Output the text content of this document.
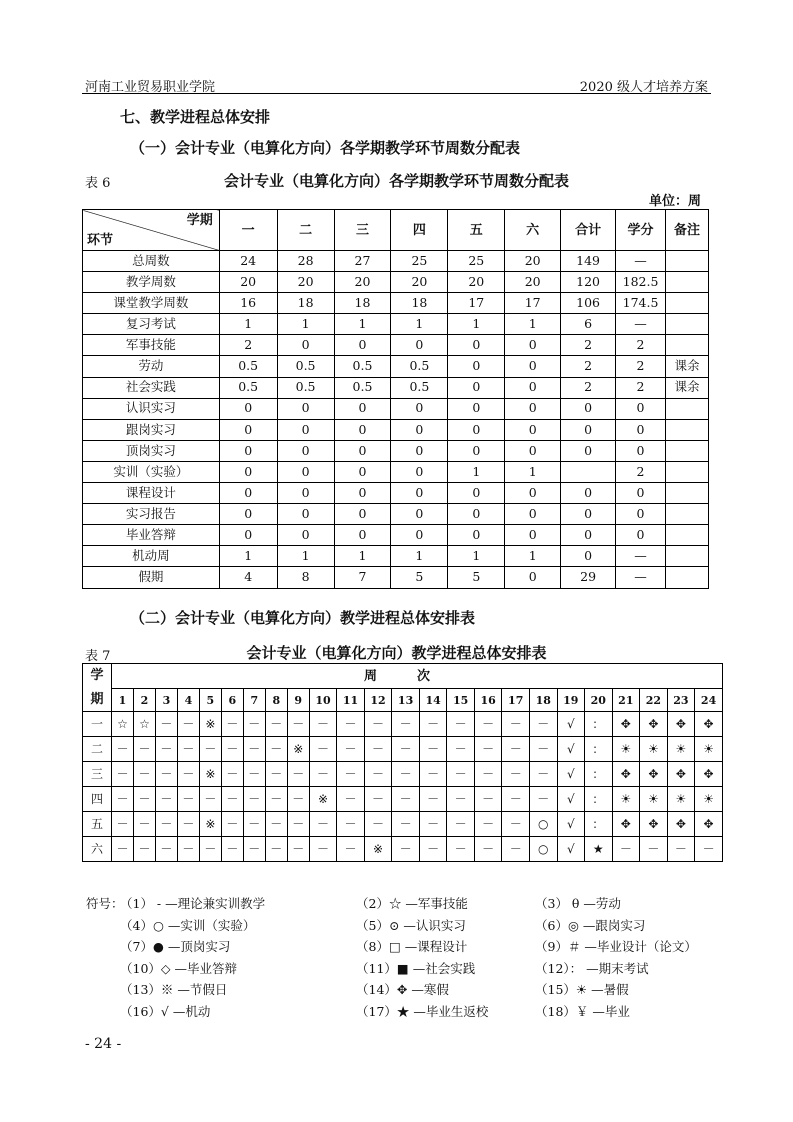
河南工业贸易职业学院	2020 级人才培养方案
七、教学进程总体安排
（一）会计专业（电算化方向）各学期教学环节周数分配表
表 6	会计专业（电算化方向）各学期教学环节周数分配表
单位：周
学期
环节	一	二	三	四	五	六	合计	学分	备注
总周数	24	28	27	25	25	20	149	—	
教学周数	20	20	20	20	20	20	120	182.5	
课堂教学周数	16	18	18	18	17	17	106	174.5	
复习考试	1	1	1	1	1	1	6	—	
军事技能	2	0	0	0	0	0	2	2	
劳动	0.5	0.5	0.5	0.5	0	0	2	2	课余
社会实践	0.5	0.5	0.5	0.5	0	0	2	2	课余
认识实习	0	0	0	0	0	0	0	0	
跟岗实习	0	0	0	0	0	0	0	0	
顶岗实习	0	0	0	0	0	0	0	0	
实训（实验）	0	0	0	0	1	1		2	
课程设计	0	0	0	0	0	0	0	0	
实习报告	0	0	0	0	0	0	0	0	
毕业答辩	0	0	0	0	0	0	0	0	
机动周	1	1	1	1	1	1	0	—	
假期	4	8	7	5	5	0	29	—	
（二）会计专业（电算化方向）教学进程总体安排表
表 7	会计专业（电算化方向）教学进程总体安排表
学
期	周次																							
	1	2	3	4	5	6	7	8	9	10	11	12	13	14	15	16	17	18	19	20	21	22	23	24
一	☆	☆	－	－	※	－	－	－	－	－	－	－	－	－	－	－	－	－	√	：	✥	✥	✥	✥
二	－	－	－	－	－	－	－	－	※	－	－	－	－	－	－	－	－	－	√	：	☀	☀	☀	☀
三	－	－	－	－	※	－	－	－	－	－	－	－	－	－	－	－	－	－	√	：	✥	✥	✥	✥
四	－	－	－	－	－	－	－	－	－	※	－	－	－	－	－	－	－	－	√	：	☀	☀	☀	☀
五	－	－	－	－	※	－	－	－	－	－	－	－	－	－	－	－	－	○	√	：	✥	✥	✥	✥
六	－	－	－	－	－	－	－	－	－	－	－	※	－	－	－	－	－	○	√	★	－	－	－	－
符号：
（1） - —理论兼实训教学	（2）☆ —军事技能	（3） θ —劳动
（4）○ —实训（实验）	（5）⊙ —认识实习	（6）◎ —跟岗实习
（7）● —顶岗实习	（8）□ —课程设计	（9）＃ —毕业设计（论文）
（10）◇ —毕业答辩	（11）■ —社会实践	（12）： —期末考试
（13）※ —节假日	（14）✥ —寒假	（15）☀ —暑假
（16）√ —机动	（17）★ —毕业生返校	（18）￥ —毕业
- 24 -
